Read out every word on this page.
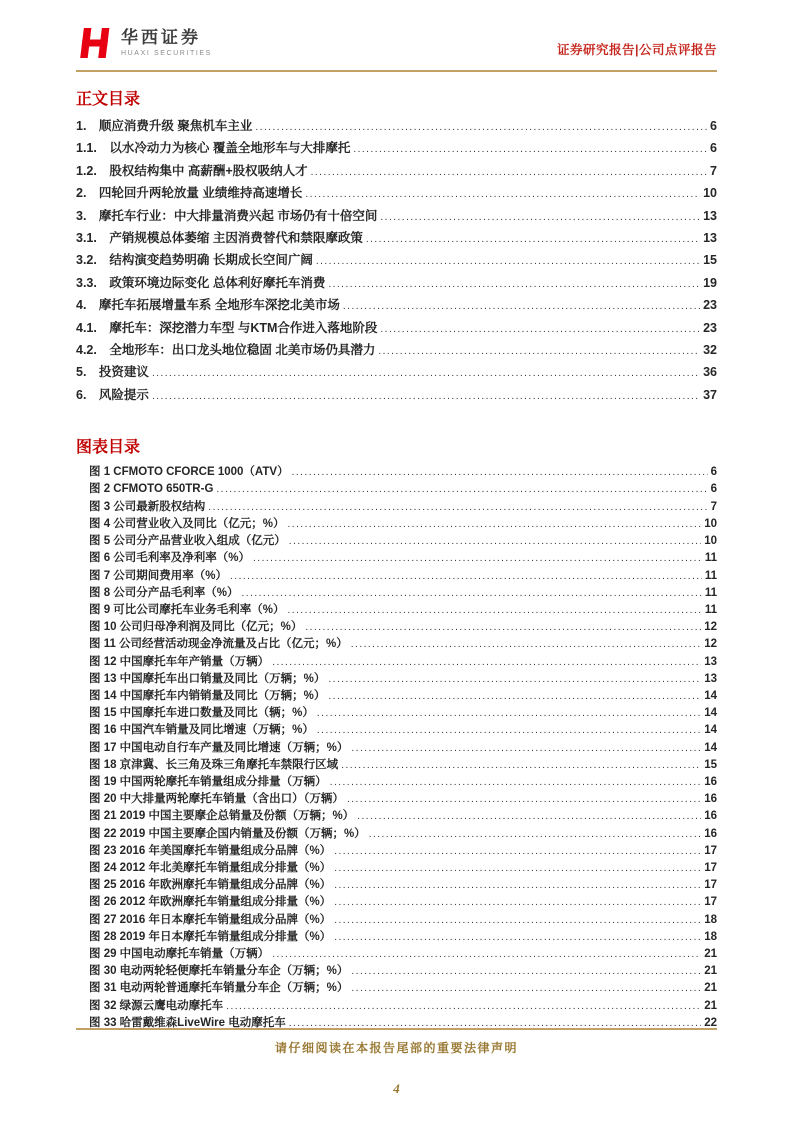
华西证券
HUAXI SECURITIES	证券研究报告|公司点评报告
正文目录
1.　顺应消费升级 聚焦机车主业 .....	6
1.1.　以水冷动力为核心 覆盖全地形车与大排摩托 .....	6
1.2.　股权结构集中 高薪酬+股权吸纳人才 .....	7
2.　四轮回升两轮放量 业绩维持高速增长 .....	10
3.　摩托车行业：中大排量消费兴起 市场仍有十倍空间 .....	13
3.1.　产销规模总体萎缩 主因消费替代和禁限摩政策 .....	13
3.2.　结构演变趋势明确 长期成长空间广阔 .....	15
3.3.　政策环境边际变化 总体利好摩托车消费 .....	19
4.　摩托车拓展增量车系 全地形车深挖北美市场 .....	23
4.1.　摩托车：深挖潜力车型 与KTM合作进入落地阶段 .....	23
4.2.　全地形车：出口龙头地位稳固 北美市场仍具潜力 .....	32
5.　投资建议 .....	36
6.　风险提示 .....	37
图表目录
图 1 CFMOTO CFORCE 1000（ATV） .....	6
图 2 CFMOTO 650TR-G .....	6
图 3 公司最新股权结构 .....	7
图 4 公司营业收入及同比（亿元；%） .....	10
图 5 公司分产品营业收入组成（亿元） .....	10
图 6 公司毛利率及净利率（%） .....	11
图 7 公司期间费用率（%） .....	11
图 8 公司分产品毛利率（%） .....	11
图 9 可比公司摩托车业务毛利率（%） .....	11
图 10 公司归母净利润及同比（亿元；%） .....	12
图 11 公司经营活动现金净流量及占比（亿元；%） .....	12
图 12 中国摩托车年产销量（万辆） .....	13
图 13 中国摩托车出口销量及同比（万辆；%） .....	13
图 14 中国摩托车内销销量及同比（万辆；%） .....	14
图 15 中国摩托车进口数量及同比（辆；%） .....	14
图 16 中国汽车销量及同比增速（万辆；%） .....	14
图 17 中国电动自行车产量及同比增速（万辆；%） .....	14
图 18 京津冀、长三角及珠三角摩托车禁限行区域 .....	15
图 19 中国两轮摩托车销量组成分排量（万辆） .....	16
图 20 中大排量两轮摩托车销量（含出口）（万辆） .....	16
图 21 2019 中国主要摩企总销量及份额（万辆；%） .....	16
图 22 2019 中国主要摩企国内销量及份额（万辆；%） .....	16
图 23 2016 年美国摩托车销量组成分品牌（%） .....	17
图 24 2012 年北美摩托车销量组成分排量（%） .....	17
图 25 2016 年欧洲摩托车销量组成分品牌（%） .....	17
图 26 2012 年欧洲摩托车销量组成分排量（%） .....	17
图 27 2016 年日本摩托车销量组成分品牌（%） .....	18
图 28 2019 年日本摩托车销量组成分排量（%） .....	18
图 29 中国电动摩托车销量（万辆） .....	21
图 30 电动两轮轻便摩托车销量分车企（万辆；%） .....	21
图 31 电动两轮普通摩托车销量分车企（万辆；%） .....	21
图 32 绿源云鹰电动摩托车 .....	21
图 33 哈雷戴维森LiveWire 电动摩托车 .....	22
请仔细阅读在本报告尾部的重要法律声明
4
